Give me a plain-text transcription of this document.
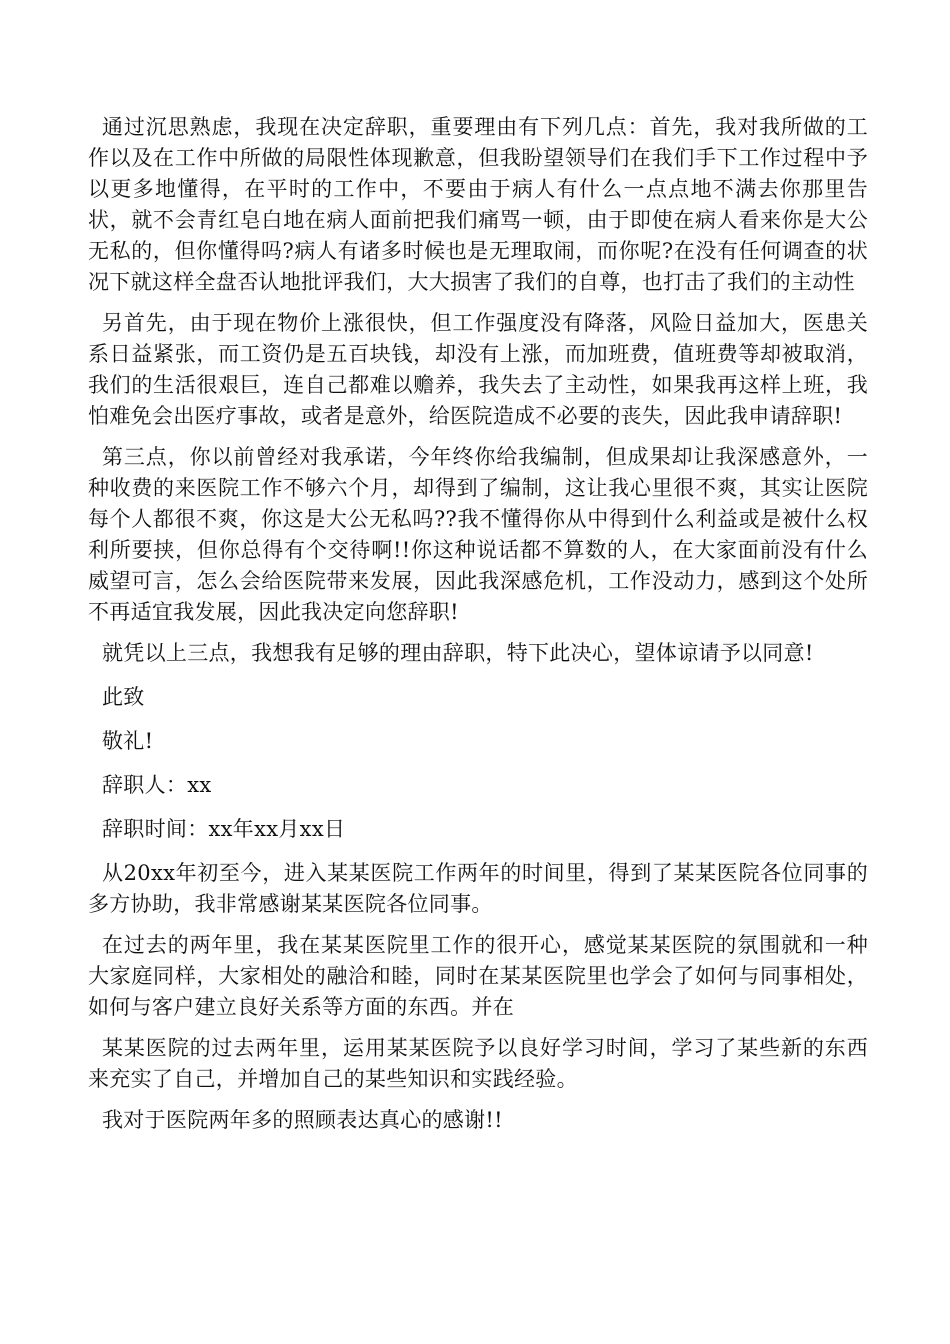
通过沉思熟虑，我现在决定辞职，重要理由有下列几点：首先，我对我所做的工作以及在工作中所做的局限性体现歉意，但我盼望领导们在我们手下工作过程中予以更多地懂得，在平时的工作中，不要由于病人有什么一点点地不满去你那里告状，就不会青红皂白地在病人面前把我们痛骂一顿，由于即使在病人看来你是大公无私的，但你懂得吗?病人有诸多时候也是无理取闹，而你呢?在没有任何调查的状况下就这样全盘否认地批评我们，大大损害了我们的自尊，也打击了我们的主动性

另首先，由于现在物价上涨很快，但工作强度没有降落，风险日益加大，医患关系日益紧张，而工资仍是五百块钱，却没有上涨，而加班费，值班费等却被取消，我们的生活很艰巨，连自己都难以赡养，我失去了主动性，如果我再这样上班，我怕难免会出医疗事故，或者是意外，给医院造成不必要的丧失，因此我申请辞职!

第三点，你以前曾经对我承诺，今年终你给我编制，但成果却让我深感意外，一种收费的来医院工作不够六个月，却得到了编制，这让我心里很不爽，其实让医院每个人都很不爽，你这是大公无私吗??我不懂得你从中得到什么利益或是被什么权利所要挟，但你总得有个交待啊!!你这种说话都不算数的人，在大家面前没有什么威望可言，怎么会给医院带来发展，因此我深感危机，工作没动力，感到这个处所不再适宜我发展，因此我决定向您辞职!

就凭以上三点，我想我有足够的理由辞职，特下此决心，望体谅请予以同意!

此致

敬礼!

辞职人：xx

辞职时间：xx年xx月xx日

从20xx年初至今，进入某某医院工作两年的时间里，得到了某某医院各位同事的多方协助，我非常感谢某某医院各位同事。

在过去的两年里，我在某某医院里工作的很开心，感觉某某医院的氛围就和一种大家庭同样，大家相处的融洽和睦，同时在某某医院里也学会了如何与同事相处，如何与客户建立良好关系等方面的东西。并在

某某医院的过去两年里，运用某某医院予以良好学习时间，学习了某些新的东西来充实了自己，并增加自己的某些知识和实践经验。

我对于医院两年多的照顾表达真心的感谢!!
